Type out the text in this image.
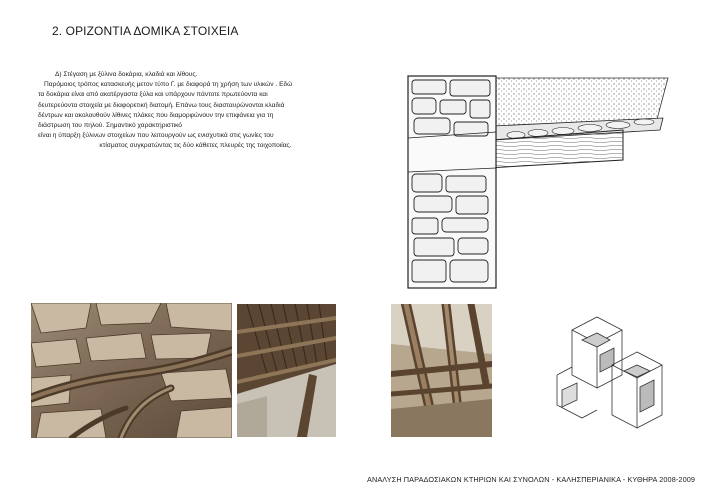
2. ΟΡΙΖΟΝΤΙΑ ΔΟΜΙΚΑ ΣΤΟΙΧΕΙΑ

Δ) Στέγαση με ξύλινα δοκάρια, κλαδιά και λίθους.

Παρόμοιος τρόπος κατασκευής μετον τύπο Γ. με διαφορά τη χρήση των υλικών . Εδώ

τα δοκάρια είναι από ακατέργαστα ξύλα και υπάρχουν πάντοτε πρωτεύοντα και

δευτερεύοντα στοιχεία με διαφορετική διατομή. Επάνω τους διασταυρώνονται κλαδιά

δέντρων και ακολουθούν λίθινες πλάκες που διαμορφώνουν την επιφάνεια για τη

διάστρωση του πηλού. Σημαντικό χαρακτηριστικό

είναι η ύπαρξη ξύλινων στοιχείων που λειτουργούν ως ενισχυτικά στις γωνίες του

κτίσματος συγκρατώντας τις δύο κάθετες πλευρές της τοιχοποιίας.

ΑΝΑΛΥΣΗ ΠΑΡΑΔΟΣΙΑΚΩΝ ΚΤΗΡΙΩΝ ΚΑΙ ΣΥΝΟΛΩΝ - ΚΑΛΗΣΠΕΡΙΑΝΙΚΑ - ΚΥΘΗΡΑ 2008-2009
